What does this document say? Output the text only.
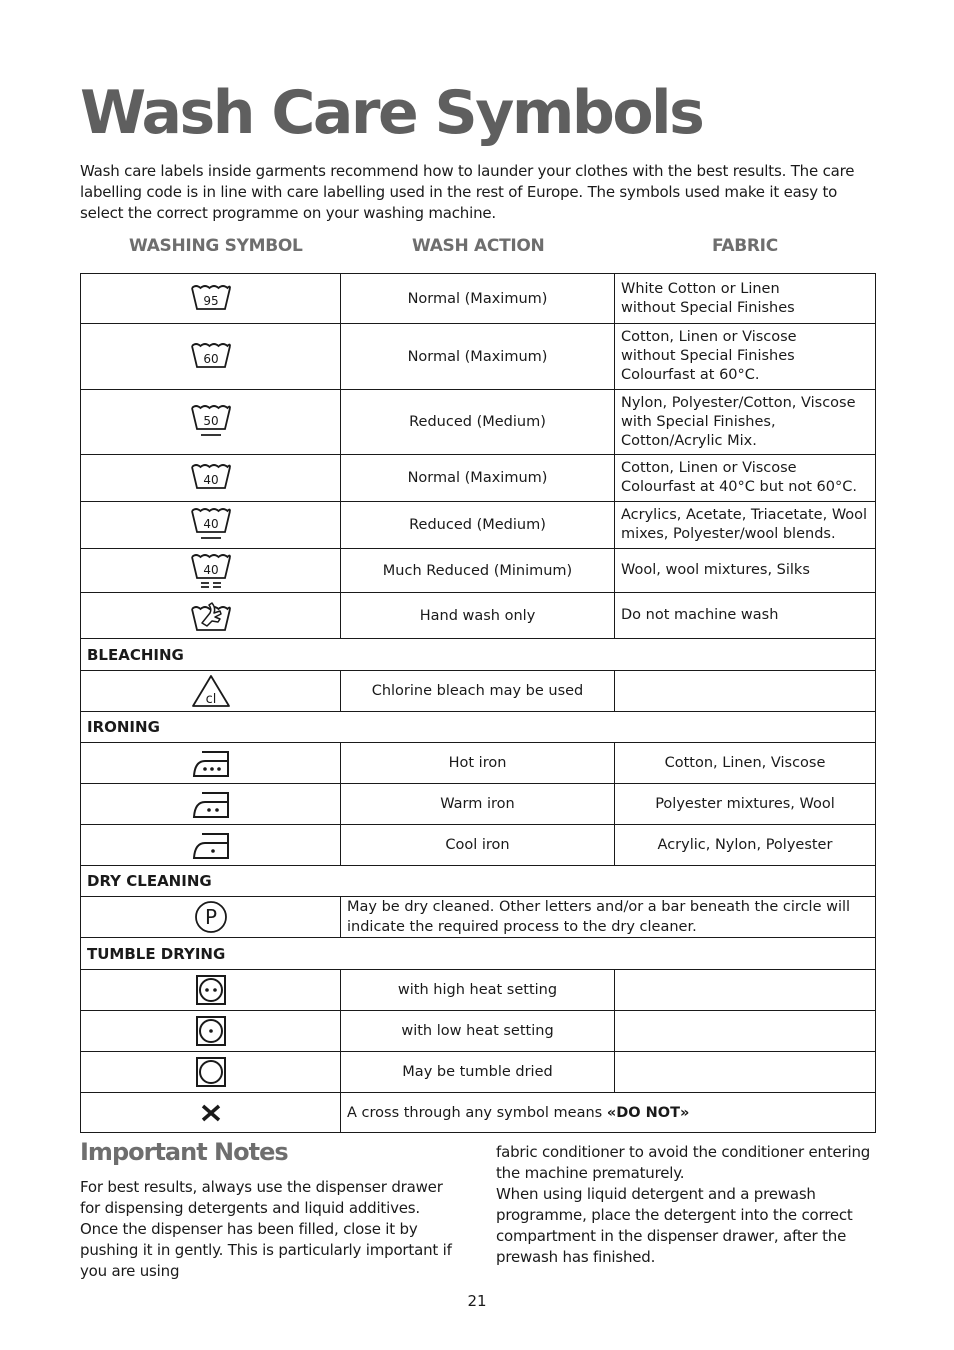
Wash Care Symbols

Wash care labels inside garments recommend how to launder your clothes with the best results. The care labelling code is in line with care labelling used in the rest of Europe. The symbols used make it easy to select the correct programme on your washing machine.

WASHING SYMBOL	WASH ACTION	FABRIC
95	Normal (Maximum)	White Cotton or Linen
without Special Finishes

60	Normal (Maximum)	Cotton, Linen or Viscose
without Special Finishes
Colourfast at 60°C.

50	Reduced (Medium)	Nylon, Polyester/Cotton, Viscose
with Special Finishes,
Cotton/Acrylic Mix.

40	Normal (Maximum)	Cotton, Linen or Viscose
Colourfast at 40°C but not 60°C.

40	Reduced (Medium)	Acrylics, Acetate, Triacetate, Wool
mixes, Polyester/wool blends.

40	Much Reduced (Minimum)	Wool, wool mixtures, Silks

	Hand wash only	Do not machine wash
BLEACHING		

cl	Chlorine bleach may be used	
IRONING		

	Hot iron	Cotton, Linen, Viscose

	Warm iron	Polyester mixtures, Wool

	Cool iron	Acrylic, Nylon, Polyester
DRY CLEANING		

P	May be dry cleaned. Other letters and/or a bar beneath the circle will indicate the required process to the dry cleaner.	
TUMBLE DRYING		

	with high heat setting	

	with low heat setting	

	May be tumble dried	

	A cross through any symbol means «DO NOT»	
Important Notes

For best results, always use the dispenser drawer for dispensing detergents and liquid additives.

Once the dispenser has been filled, close it by pushing it in gently. This is particularly important if you are using

fabric conditioner to avoid the conditioner entering the machine prematurely.

When using liquid detergent and a prewash programme, place the detergent into the correct compartment in the dispenser drawer, after the prewash has finished.

21
